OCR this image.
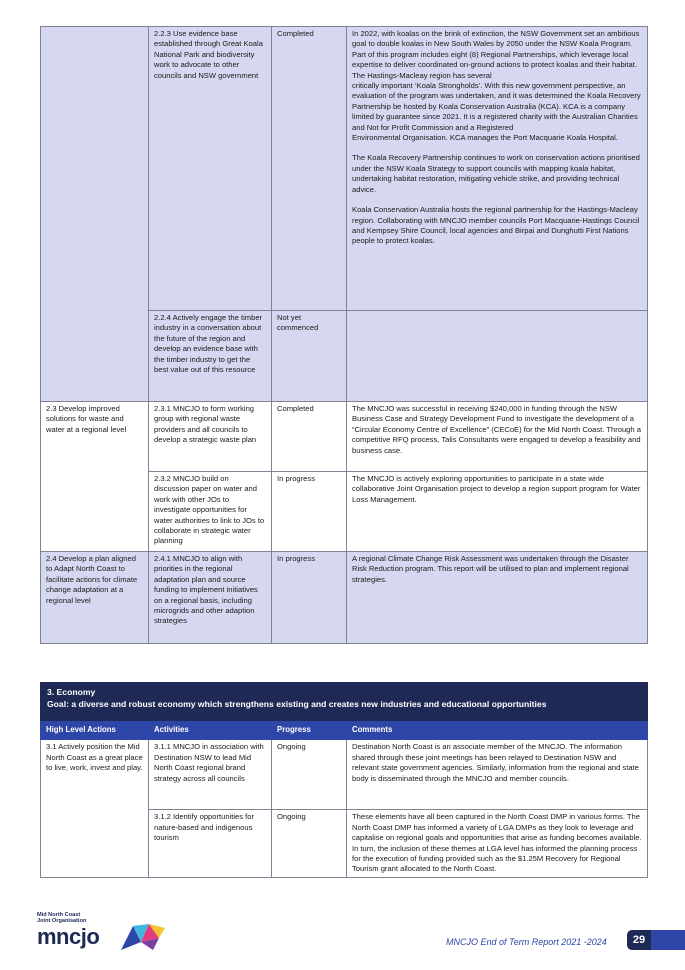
	2.2.3 Use evidence base established through Great Koala National Park and biodiversity work to advocate to other councils and NSW government	Completed	In 2022, with koalas on the brink of extinction, the NSW Government set an ambitious goal to double koalas in New South Wales by 2050 under the NSW Koala Program. Part of this program includes eight (8) Regional Partnerships, which leverage local expertise to deliver coordinated on-ground actions to protect koalas and their habitat. The Hastings-Macleay region has several
critically important ‘Koala Strongholds’. With this new government perspective, an evaluation of the program was undertaken, and it was determined the Koala Recovery Partnership be hosted by Koala Conservation Australia (KCA). KCA is a company limited by guarantee since 2021. It is a registered charity with the Australian Charities and Not for Profit Commission and a Registered
Environmental Organisation. KCA manages the Port Macquarie Koala Hospital.

The Koala Recovery Partnership continues to work on conservation actions prioritised under the NSW Koala Strategy to support councils with mapping koala habitat, undertaking habitat restoration, mitigating vehicle strike, and providing technical advice.

Koala Conservation Australia hosts the regional partnership for the Hastings-Macleay region. Collaborating with MNCJO member councils Port Macquarie-Hastings Council and Kempsey Shire Council, local agencies and Birpai and Dunghutti First Nations people to protect koalas.

	2.2.4 Actively engage the timber industry in a conversation about the future of the region and develop an evidence base with the timber industry to get the best value out of this resource	Not yet commenced	
2.3 Develop improved solutions for waste and water at a regional level	2.3.1 MNCJO to form working group with regional waste providers and all councils to develop a strategic waste plan	Completed	The MNCJO was successful in receiving $240,000 in funding through the NSW Business Case and Strategy Development Fund to investigate the development of a “Circular Economy Centre of Excellence” (CECoE) for the Mid North Coast. Through a competitive RFQ process, Talis Consultants were engaged to develop a feasibility and business case.

	2.3.2 MNCJO build on discussion paper on water and work with other JOs to investigate opportunities for water authorities to link to JOs to collaborate in strategic water planning	In progress	The MNCJO is actively exploring opportunities to participate in a state wide collaborative Joint Organisation project to develop a region support program for Water Loss Management.

2.4 Develop a plan aligned to Adapt North Coast to facilitate actions for climate change adaptation at a regional level	2.4.1 MNCJO to align with priorities in the regional adaptation plan and source funding to implement initiatives on a regional basis, including microgrids and other adaption strategies	In progress	A regional Climate Change Risk Assessment was undertaken through the Disaster Risk Reduction program. This report will be utilised to plan and implement regional strategies.

3. Economy
Goal: a diverse and robust economy which strengthens existing and creates new industries and educational opportunities			

High Level Actions	Activities	Progress	Comments
3.1 Actively position the Mid North Coast as a great place to live, work, invest and play.	3.1.1 MNCJO in association with Destination NSW to lead Mid North Coast regional brand strategy across all councils	Ongoing	Destination North Coast is an associate member of the MNCJO. The information shared through these joint meetings has been relayed to Destination NSW and relevant state government agencies. Similarly, information from the regional and state body is disseminated through the MNCJO and member councils.

	3.1.2 Identify opportunities for nature-based and indigenous tourism	Ongoing	These elements have all been captured in the North Coast DMP in various forms. The North Coast DMP has informed a variety of LGA DMPs as they look to leverage and capitalise on regional goals and opportunities that arise as funding becomes available.
In turn, the inclusion of these themes at LGA level has informed the planning process for the execution of funding provided such as the $1.25M Recovery for Regional Tourism grant allocated to the North Coast.

Mid North Coast
Joint Organisation
mncjo	MNCJO End of Term Report 2021 -2024	29
